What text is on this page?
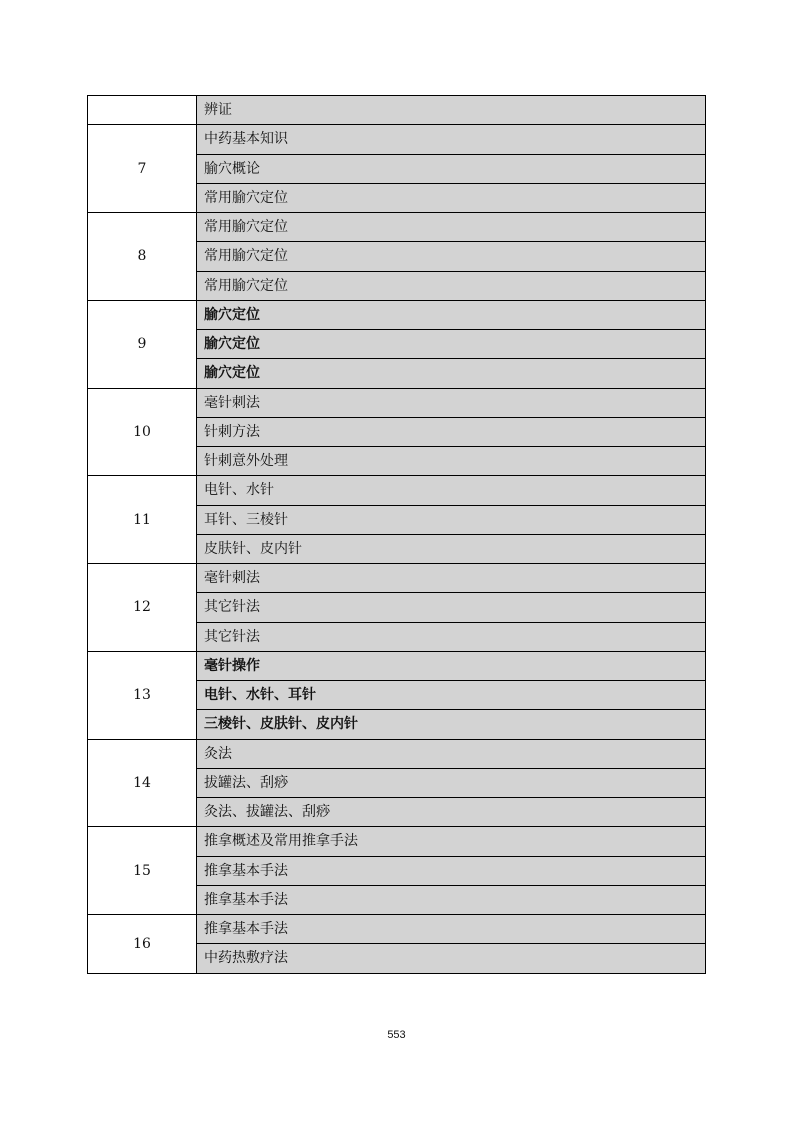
	辨证
7	中药基本知识
	腧穴概论
	常用腧穴定位
8	常用腧穴定位
	常用腧穴定位
	常用腧穴定位
9	腧穴定位
	腧穴定位
	腧穴定位
10	毫针刺法
	针刺方法
	针刺意外处理
11	电针、水针
	耳针、三棱针
	皮肤针、皮内针
12	毫针刺法
	其它针法
	其它针法
13	毫针操作
	电针、水针、耳针
	三棱针、皮肤针、皮内针
14	灸法
	拔罐法、刮痧
	灸法、拔罐法、刮痧
15	推拿概述及常用推拿手法
	推拿基本手法
	推拿基本手法
16	推拿基本手法
	中药热敷疗法
553
